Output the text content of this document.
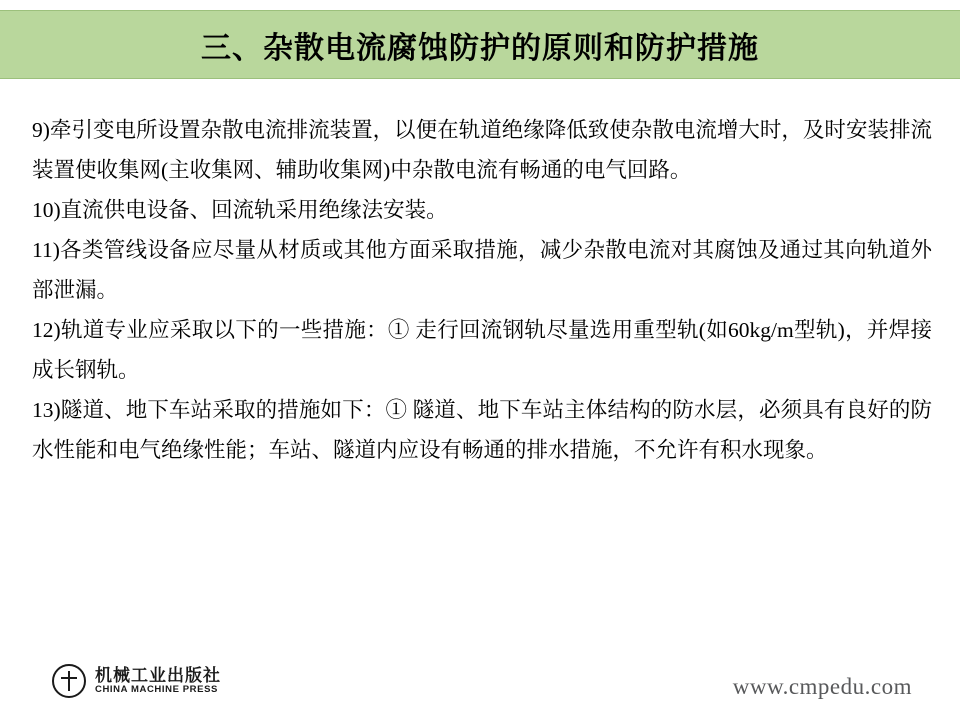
三、杂散电流腐蚀防护的原则和防护措施

9)牵引变电所设置杂散电流排流装置，以便在轨道绝缘降低致使杂散电流增大时，及时安装排流装置使收集网(主收集网、辅助收集网)中杂散电流有畅通的电气回路。

10)直流供电设备、回流轨采用绝缘法安装。

11)各类管线设备应尽量从材质或其他方面采取措施，减少杂散电流对其腐蚀及通过其向轨道外部泄漏。

12)轨道专业应采取以下的一些措施：① 走行回流钢轨尽量选用重型轨(如60kg/m型轨)，并焊接成长钢轨。

13)隧道、地下车站采取的措施如下：① 隧道、地下车站主体结构的防水层，必须具有良好的防水性能和电气绝缘性能；车站、隧道内应设有畅通的排水措施，不允许有积水现象。

机械工业出版社
CHINA MACHINE PRESS	www.cmpedu.com
